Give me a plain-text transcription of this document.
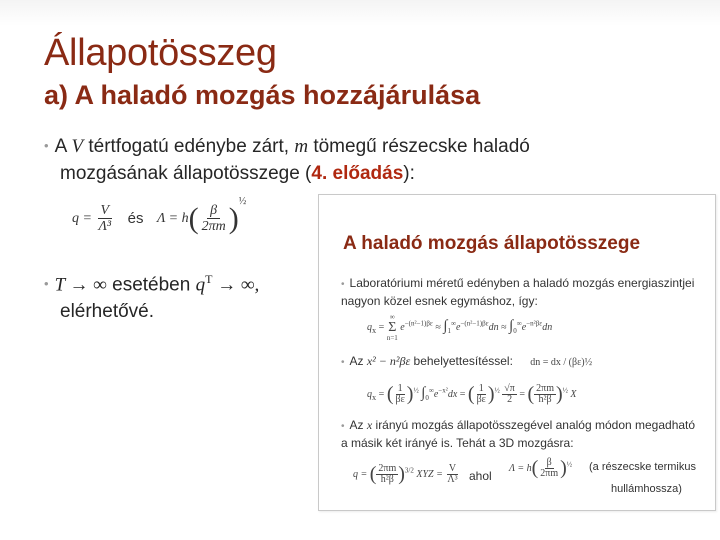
Állapotösszeg
a) A haladó mozgás hozzájárulása
• A V tértfogatú edénybe zárt, m tömegű részecske haladó
mozgásának állapotösszege (4. előadás):
$q = \frac{V}{\text{Λ³}}$ és $\Lambda = h( \frac{\beta}{2\pi m} )^{\frac{1}{2}}$
• T → ∞ esetében $q^T$ → ∞,
elérhetővé.
A haladó mozgás állapotösszege
• Laboratóriumi méretű edényben a haladó mozgás energiaszintjei nagyon közel esnek egymáshoz, így:
$q_x$ =
∞
Σ
n=1
$e^{-(n^2-1)\beta\varepsilon} \approx \int_1^\infty e^{-(n^2-1)\beta\varepsilon}dn \approx \int_0^\infty e^{-n^2\beta\varepsilon}dn$
• Az x² − n²βε behelyettesítéssel: dn = dx / (βε)½
$q_x$ = ( $\frac{1}{\beta\varepsilon} )^{\frac{1}{2}}$ $\int_0^\infty e^{-x^2}dx$ = ( $\frac{1}{\beta\varepsilon} )^{\frac{1}{2}} \frac{√\pi}{2}$ = ( $\frac{2\pi m}{\text{h²β}} )^{\frac{1}{2}}$ X
• Az x irányú mozgás állapotösszegével analóg módon megadható a másik két irányé is. Tehát a 3D mozgásra:
q = ( $\frac{2\pi m}{\text{h²β}} )^{3/2}$ XYZ = $\frac{V}{\text{Λ³}}$ ahol
$\Lambda = h( \frac{\beta}{2\pi m} )^{\frac{1}{2}}$ (a részecske termikus
hullámhossza)
